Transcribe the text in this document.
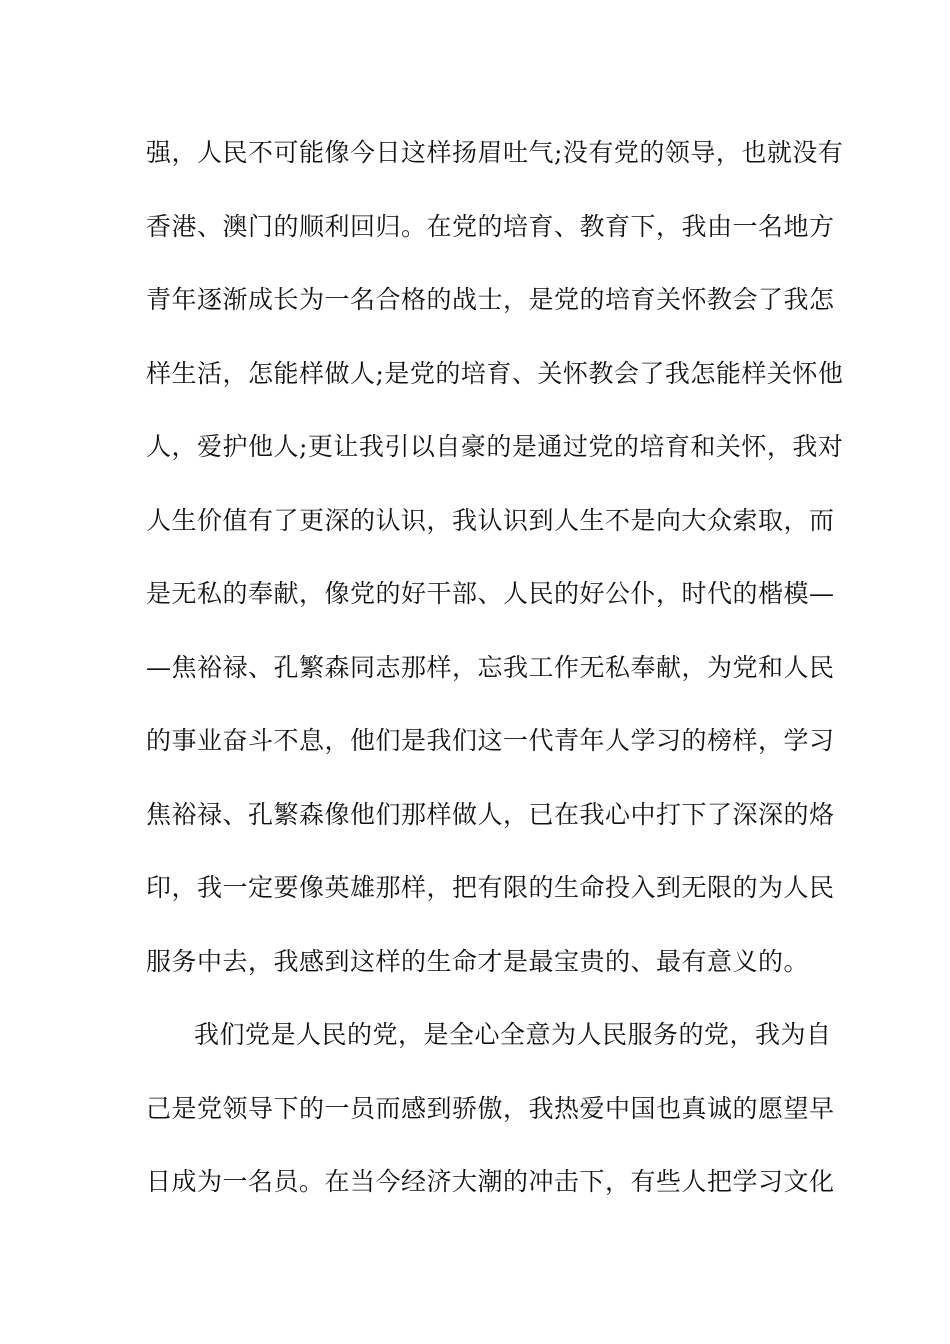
强，人民不可能像今日这样扬眉吐气;没有党的领导，也就没有
香港、澳门的顺利回归。在党的培育、教育下，我由一名地方
青年逐渐成长为一名合格的战士，是党的培育关怀教会了我怎
样生活，怎能样做人;是党的培育、关怀教会了我怎能样关怀他
人，爱护他人;更让我引以自豪的是通过党的培育和关怀，我对
人生价值有了更深的认识，我认识到人生不是向大众索取，而
是无私的奉献，像党的好干部、人民的好公仆，时代的楷模—
—焦裕禄、孔繁森同志那样，忘我工作无私奉献，为党和人民
的事业奋斗不息，他们是我们这一代青年人学习的榜样，学习
焦裕禄、孔繁森像他们那样做人，已在我心中打下了深深的烙
印，我一定要像英雄那样，把有限的生命投入到无限的为人民
服务中去，我感到这样的生命才是最宝贵的、最有意义的。
我们党是人民的党，是全心全意为人民服务的党，我为自
己是党领导下的一员而感到骄傲，我热爱中国也真诚的愿望早
日成为一名员。在当今经济大潮的冲击下，有些人把学习文化
